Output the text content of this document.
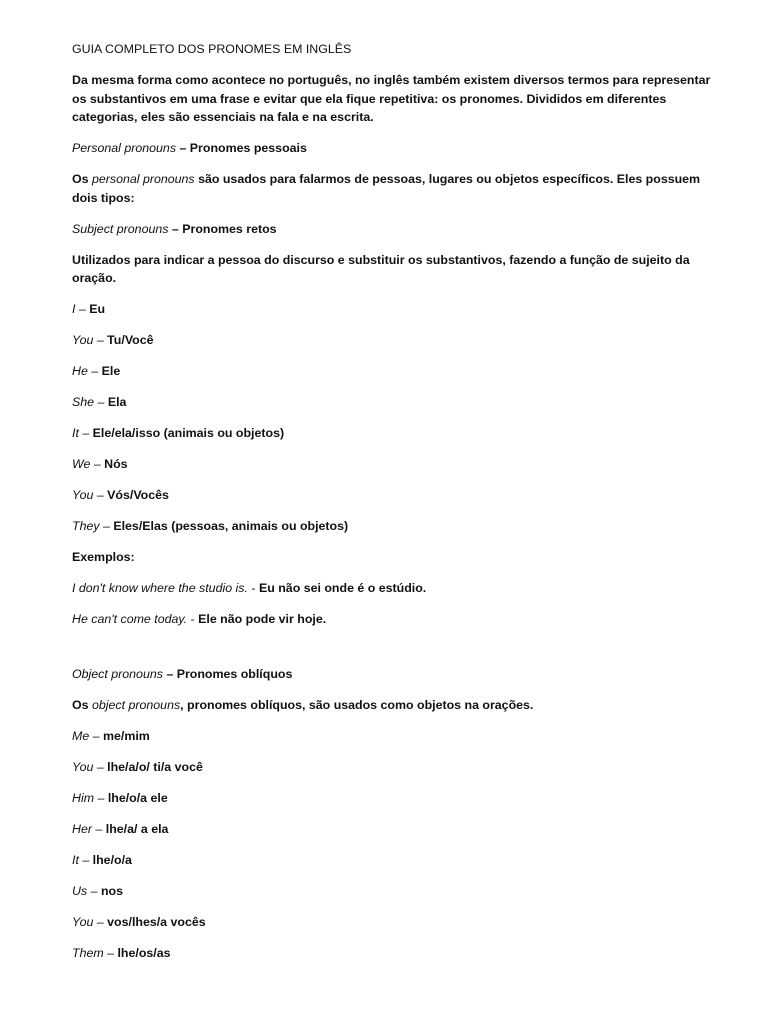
GUIA COMPLETO DOS PRONOMES EM INGLÊS

Da mesma forma como acontece no português, no inglês também existem diversos termos para representar os substantivos em uma frase e evitar que ela fique repetitiva: os pronomes. Divididos em diferentes categorias, eles são essenciais na fala e na escrita.

Personal pronouns – Pronomes pessoais

Os personal pronouns são usados para falarmos de pessoas, lugares ou objetos específicos. Eles possuem dois tipos:

Subject pronouns – Pronomes retos

Utilizados para indicar a pessoa do discurso e substituir os substantivos, fazendo a função de sujeito da oração.

I – Eu

You – Tu/Você

He – Ele

She – Ela

It – Ele/ela/isso (animais ou objetos)

We – Nós

You – Vós/Vocês

They – Eles/Elas (pessoas, animais ou objetos)

Exemplos:

I don't know where the studio is. - Eu não sei onde é o estúdio.

He can't come today. - Ele não pode vir hoje.

Object pronouns – Pronomes oblíquos

Os object pronouns, pronomes oblíquos, são usados como objetos na orações.

Me – me/mim

You – lhe/a/o/ ti/a você

Him – lhe/o/a ele

Her – lhe/a/ a ela

It – lhe/o/a

Us – nos

You – vos/lhes/a vocês

Them – lhe/os/as
